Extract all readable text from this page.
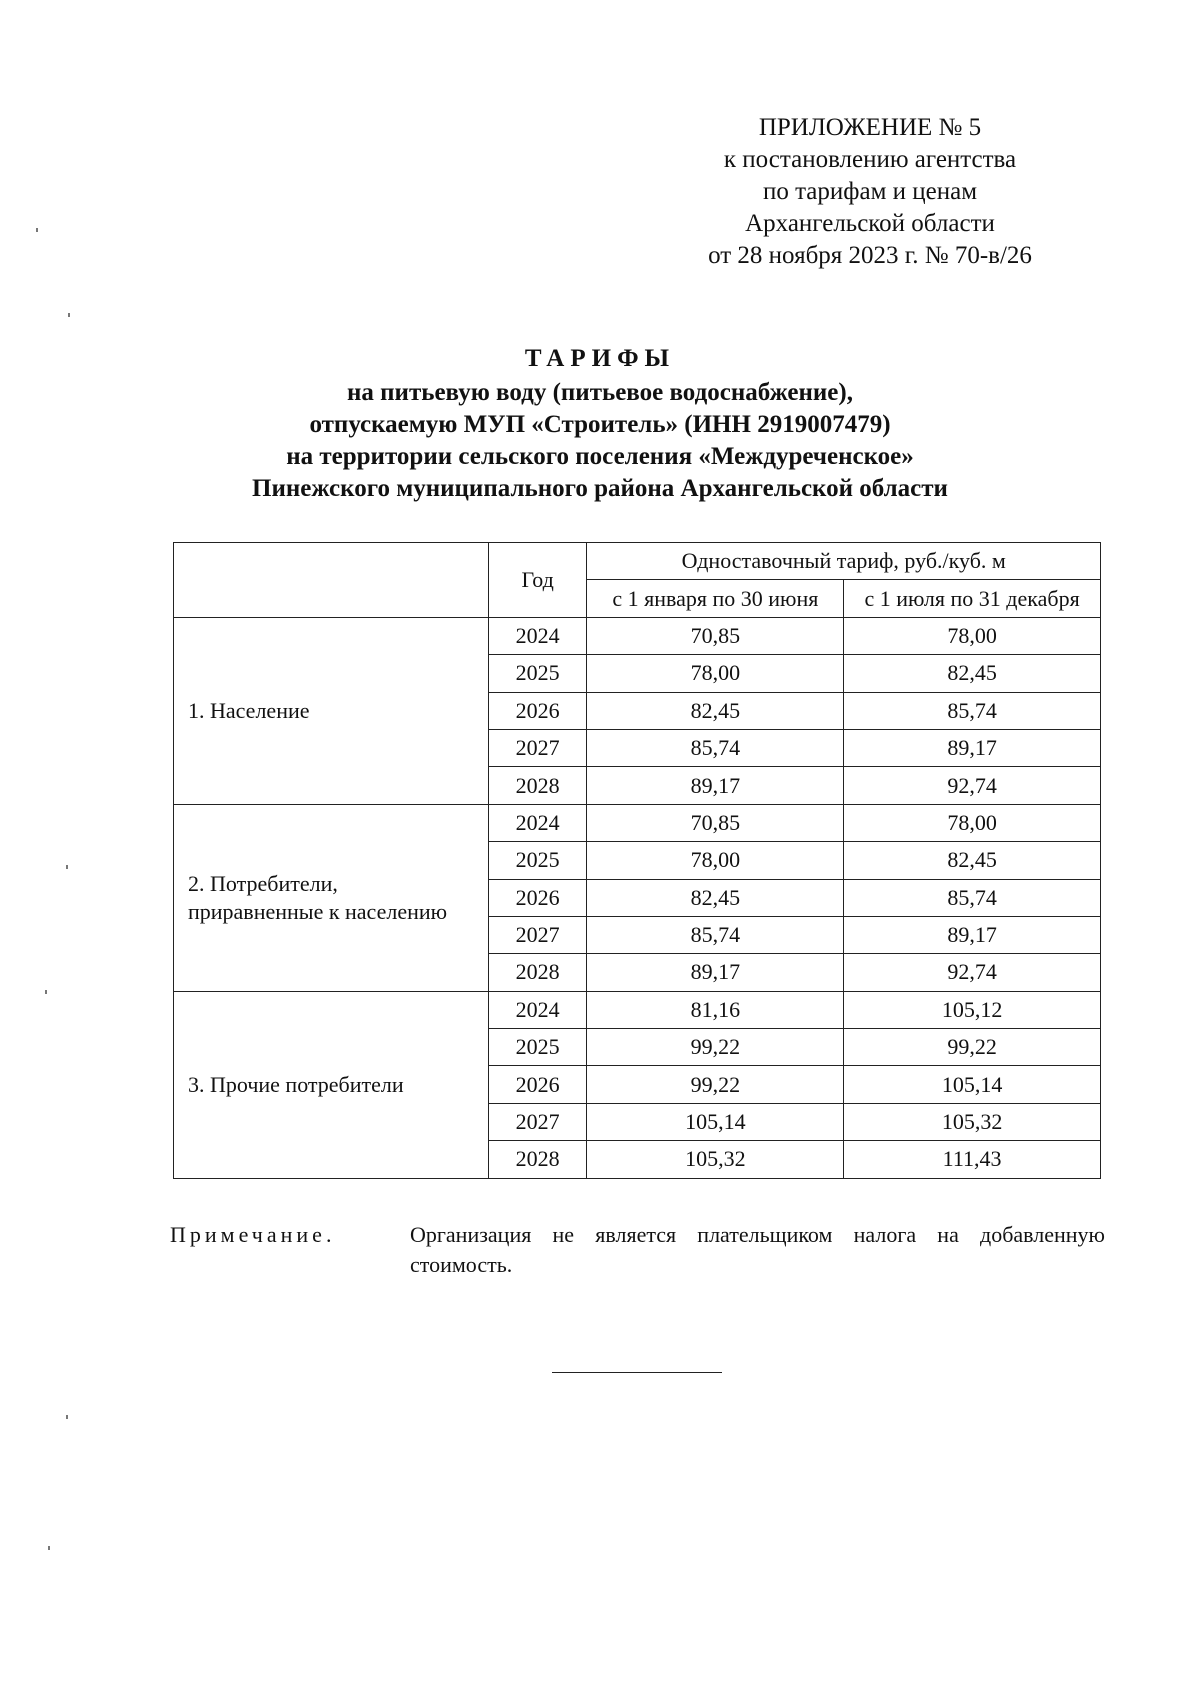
ПРИЛОЖЕНИЕ № 5
к постановлению агентства
по тарифам и ценам
Архангельской области
от 28 ноября 2023 г. № 70-в/26
ТАРИФЫ
на питьевую воду (питьевое водоснабжение),
отпускаемую МУП «Строитель» (ИНН 2919007479)
на территории сельского поселения «Междуреченское»
Пинежского муниципального района Архангельской области
	Год	Одноставочный тариф, руб./куб. м	
		с 1 января по 30 июня	с 1 июля по 31 декабря

1. Население	2024	70,85	78,00
	2025	78,00	82,45
	2026	82,45	85,74
	2027	85,74	89,17
	2028	89,17	92,74

2. Потребители,
приравненные к населению	2024	70,85	78,00
	2025	78,00	82,45
	2026	82,45	85,74
	2027	85,74	89,17
	2028	89,17	92,74

3. Прочие потребители	2024	81,16	105,12
	2025	99,22	99,22
	2026	99,22	105,14
	2027	105,14	105,32
	2028	105,32	111,43
Примечание.	Организация не является плательщиком налога на добавленную стоимость.
